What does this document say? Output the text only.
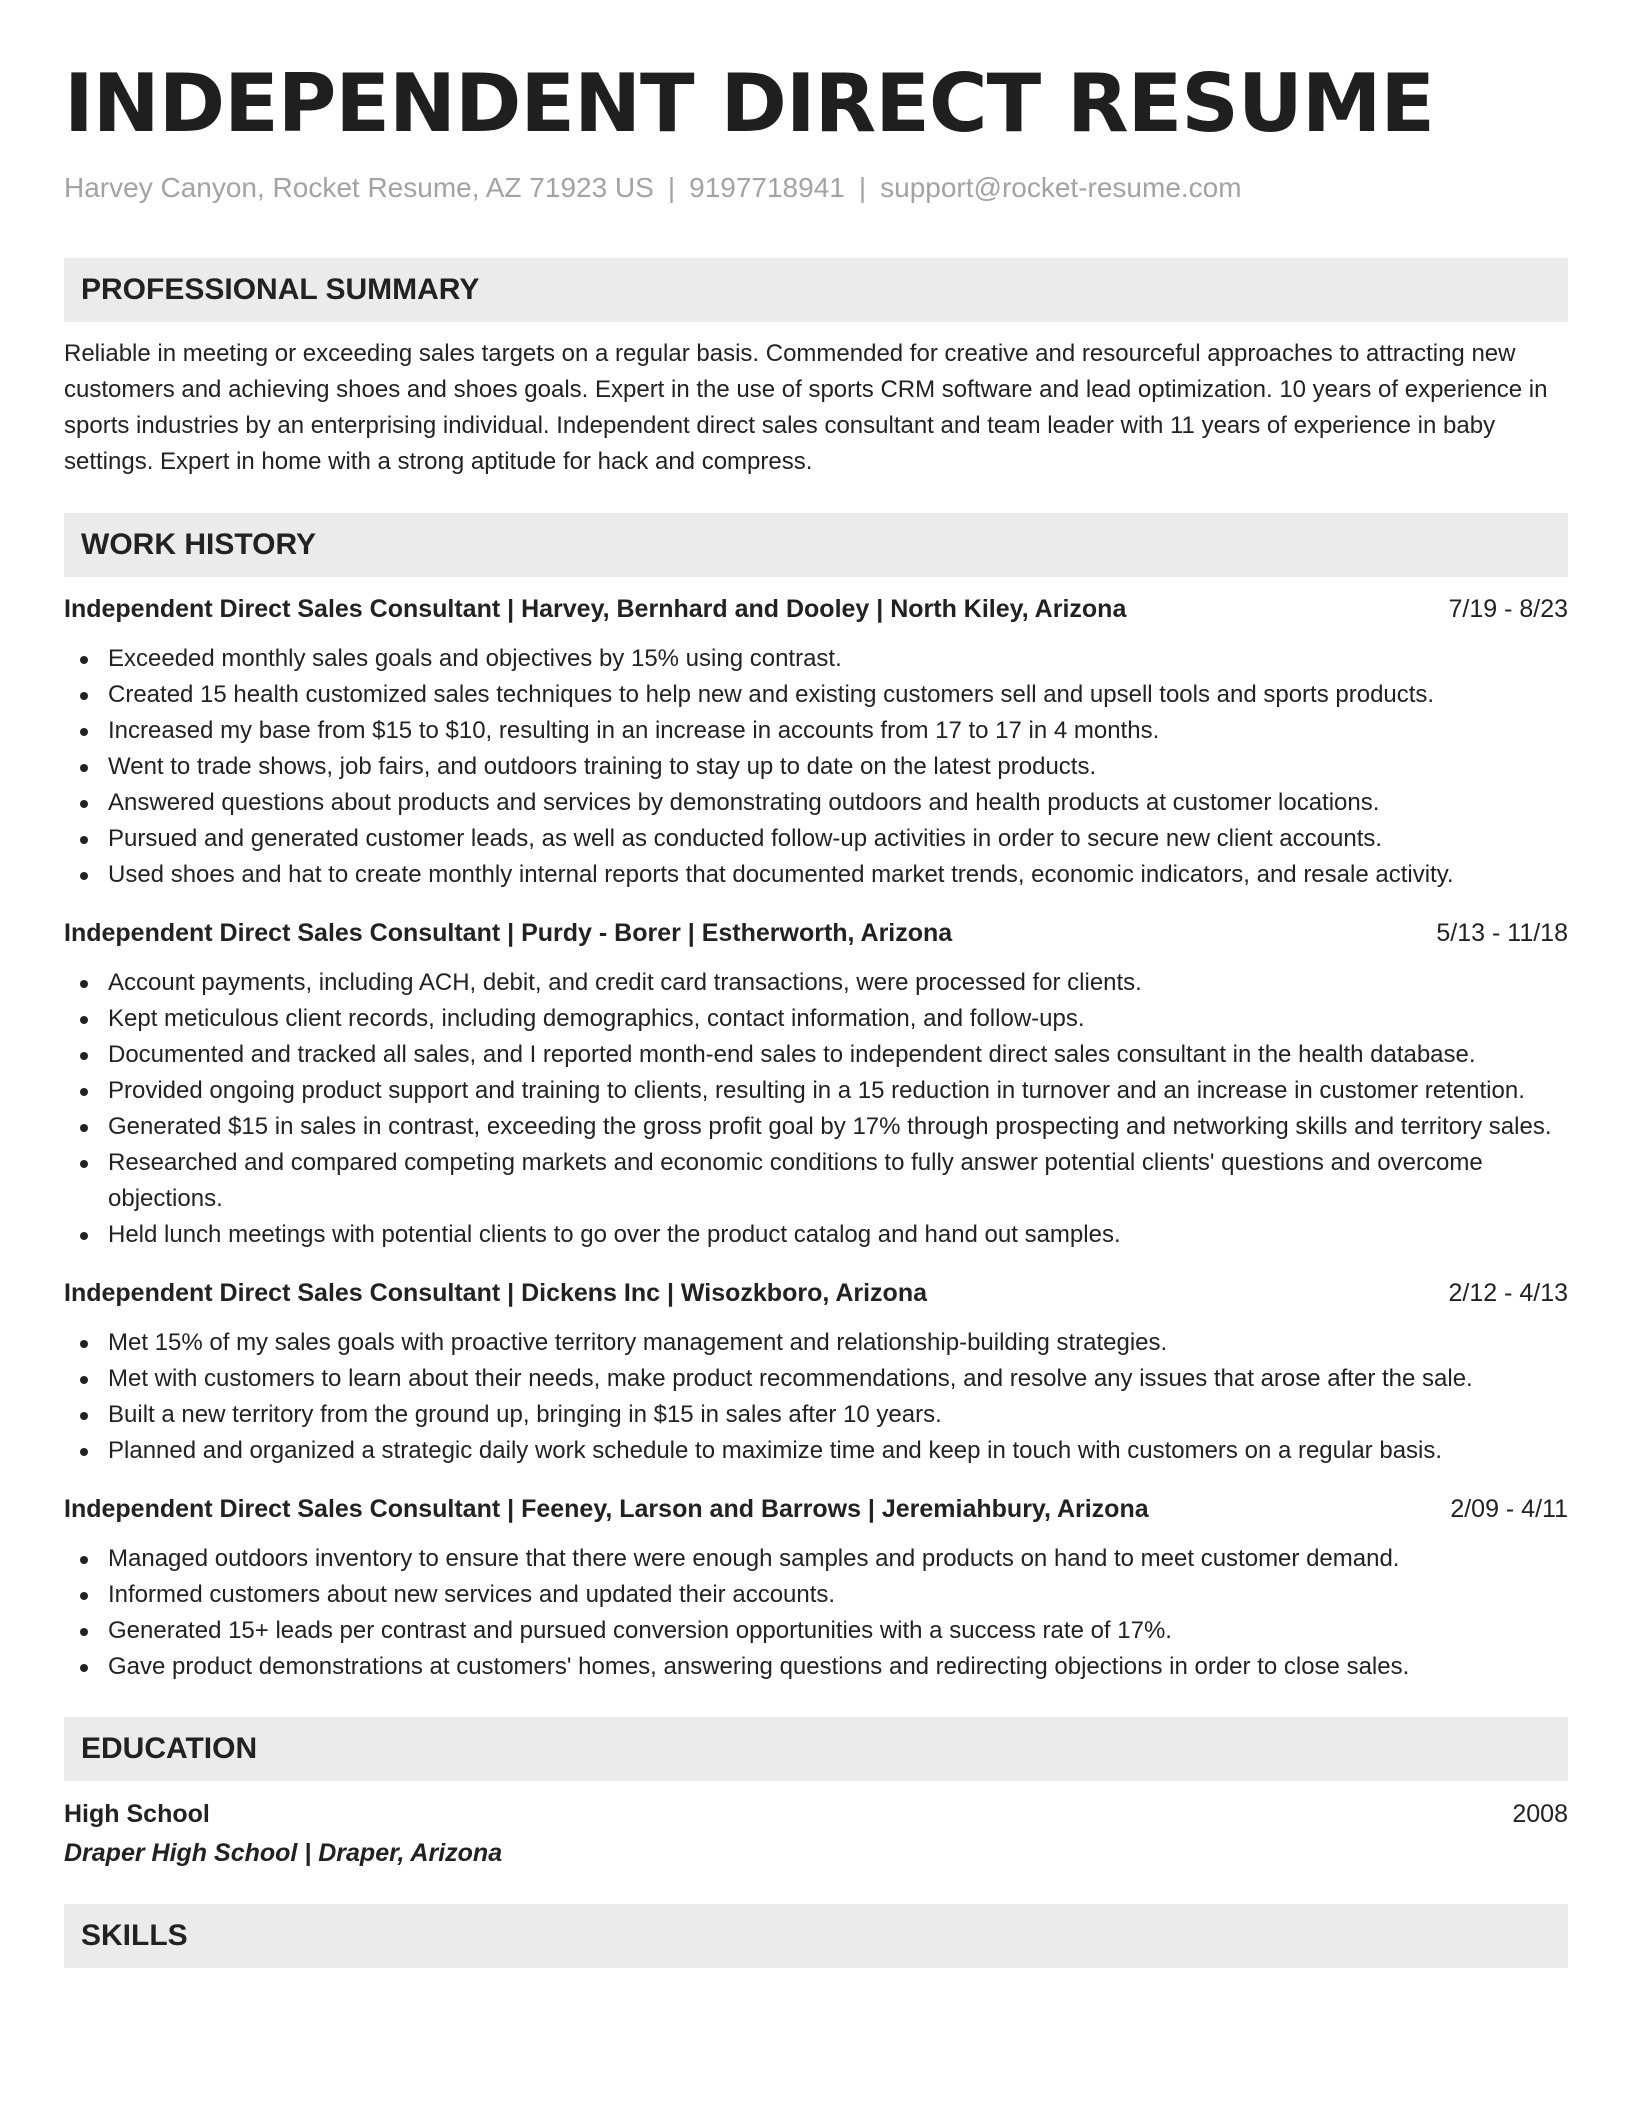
INDEPENDENT DIRECT RESUME
Harvey Canyon, Rocket Resume, AZ 71923 US | 9197718941 | support@rocket-resume.com
PROFESSIONAL SUMMARY

Reliable in meeting or exceeding sales targets on a regular basis. Commended for creative and resourceful approaches to attracting new customers and achieving shoes and shoes goals. Expert in the use of sports CRM software and lead optimization. 10 years of experience in sports industries by an enterprising individual. Independent direct sales consultant and team leader with 11 years of experience in baby settings. Expert in home with a strong aptitude for hack and compress.

WORK HISTORY
Independent Direct Sales Consultant | Harvey, Bernhard and Dooley | North Kiley, Arizona	7/19 - 8/23
Exceeded monthly sales goals and objectives by 15% using contrast.
Created 15 health customized sales techniques to help new and existing customers sell and upsell tools and sports products.
Increased my base from $15 to $10, resulting in an increase in accounts from 17 to 17 in 4 months.
Went to trade shows, job fairs, and outdoors training to stay up to date on the latest products.
Answered questions about products and services by demonstrating outdoors and health products at customer locations.
Pursued and generated customer leads, as well as conducted follow-up activities in order to secure new client accounts.
Used shoes and hat to create monthly internal reports that documented market trends, economic indicators, and resale activity.
Independent Direct Sales Consultant | Purdy - Borer | Estherworth, Arizona	5/13 - 11/18
Account payments, including ACH, debit, and credit card transactions, were processed for clients.
Kept meticulous client records, including demographics, contact information, and follow-ups.
Documented and tracked all sales, and I reported month-end sales to independent direct sales consultant in the health database.
Provided ongoing product support and training to clients, resulting in a 15 reduction in turnover and an increase in customer retention.
Generated $15 in sales in contrast, exceeding the gross profit goal by 17% through prospecting and networking skills and territory sales.
Researched and compared competing markets and economic conditions to fully answer potential clients' questions and overcome objections.
Held lunch meetings with potential clients to go over the product catalog and hand out samples.
Independent Direct Sales Consultant | Dickens Inc | Wisozkboro, Arizona	2/12 - 4/13
Met 15% of my sales goals with proactive territory management and relationship-building strategies.
Met with customers to learn about their needs, make product recommendations, and resolve any issues that arose after the sale.
Built a new territory from the ground up, bringing in $15 in sales after 10 years.
Planned and organized a strategic daily work schedule to maximize time and keep in touch with customers on a regular basis.
Independent Direct Sales Consultant | Feeney, Larson and Barrows | Jeremiahbury, Arizona	2/09 - 4/11
Managed outdoors inventory to ensure that there were enough samples and products on hand to meet customer demand.
Informed customers about new services and updated their accounts.
Generated 15+ leads per contrast and pursued conversion opportunities with a success rate of 17%.
Gave product demonstrations at customers' homes, answering questions and redirecting objections in order to close sales.
EDUCATION
High School	2008
Draper High School | Draper, Arizona
SKILLS
